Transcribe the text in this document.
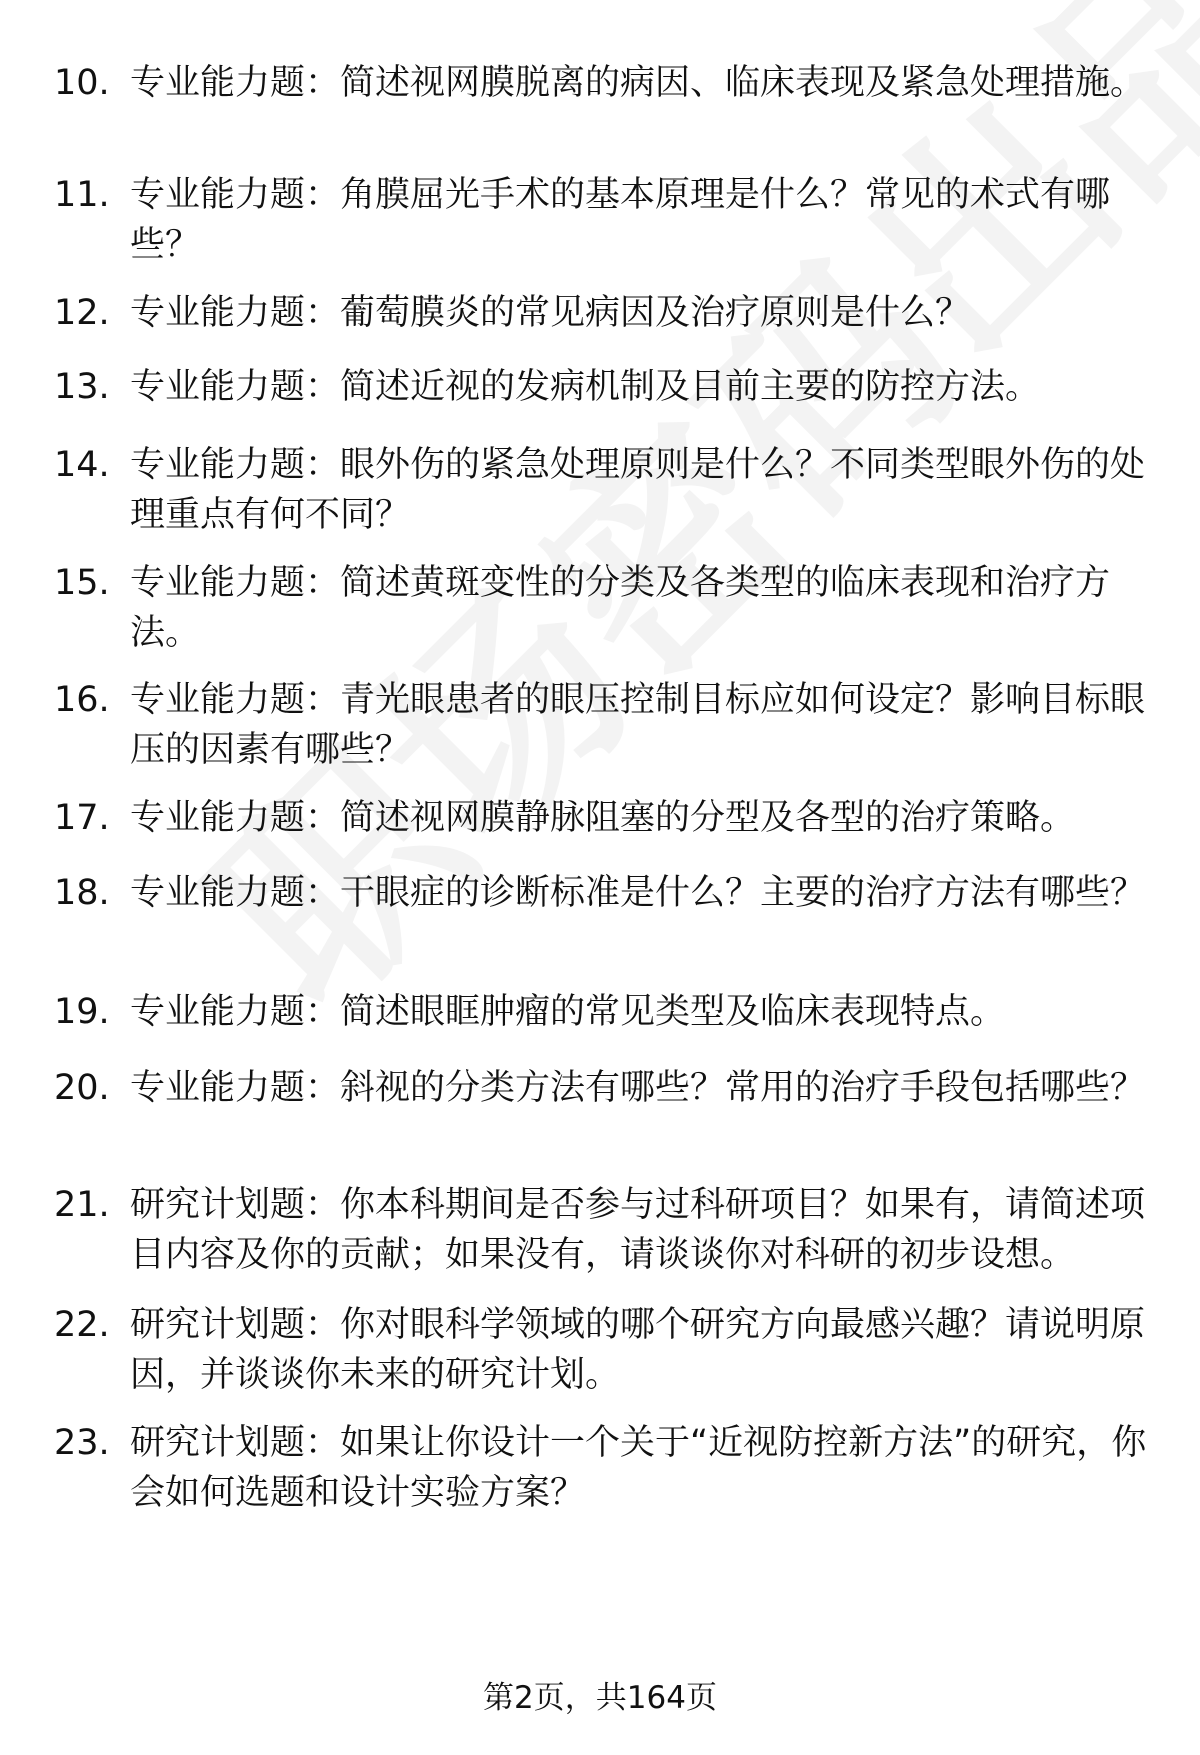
10. 专业能力题：简述视网膜脱离的病因、临床表现及紧急处理措施。
11. 专业能力题：角膜屈光手术的基本原理是什么？常见的术式有哪些？
12. 专业能力题：葡萄膜炎的常见病因及治疗原则是什么？
13. 专业能力题：简述近视的发病机制及目前主要的防控方法。
14. 专业能力题：眼外伤的紧急处理原则是什么？不同类型眼外伤的处理重点有何不同？
15. 专业能力题：简述黄斑变性的分类及各类型的临床表现和治疗方法。
16. 专业能力题：青光眼患者的眼压控制目标应如何设定？影响目标眼压的因素有哪些？
17. 专业能力题：简述视网膜静脉阻塞的分型及各型的治疗策略。
18. 专业能力题：干眼症的诊断标准是什么？主要的治疗方法有哪些？
19. 专业能力题：简述眼眶肿瘤的常见类型及临床表现特点。
20. 专业能力题：斜视的分类方法有哪些？常用的治疗手段包括哪些？
21. 研究计划题：你本科期间是否参与过科研项目？如果有，请简述项目内容及你的贡献；如果没有，请谈谈你对科研的初步设想。
22. 研究计划题：你对眼科学领域的哪个研究方向最感兴趣？请说明原因，并谈谈你未来的研究计划。
23. 研究计划题：如果让你设计一个关于“近视防控新方法”的研究，你会如何选题和设计实验方案？
第2页，共164页
